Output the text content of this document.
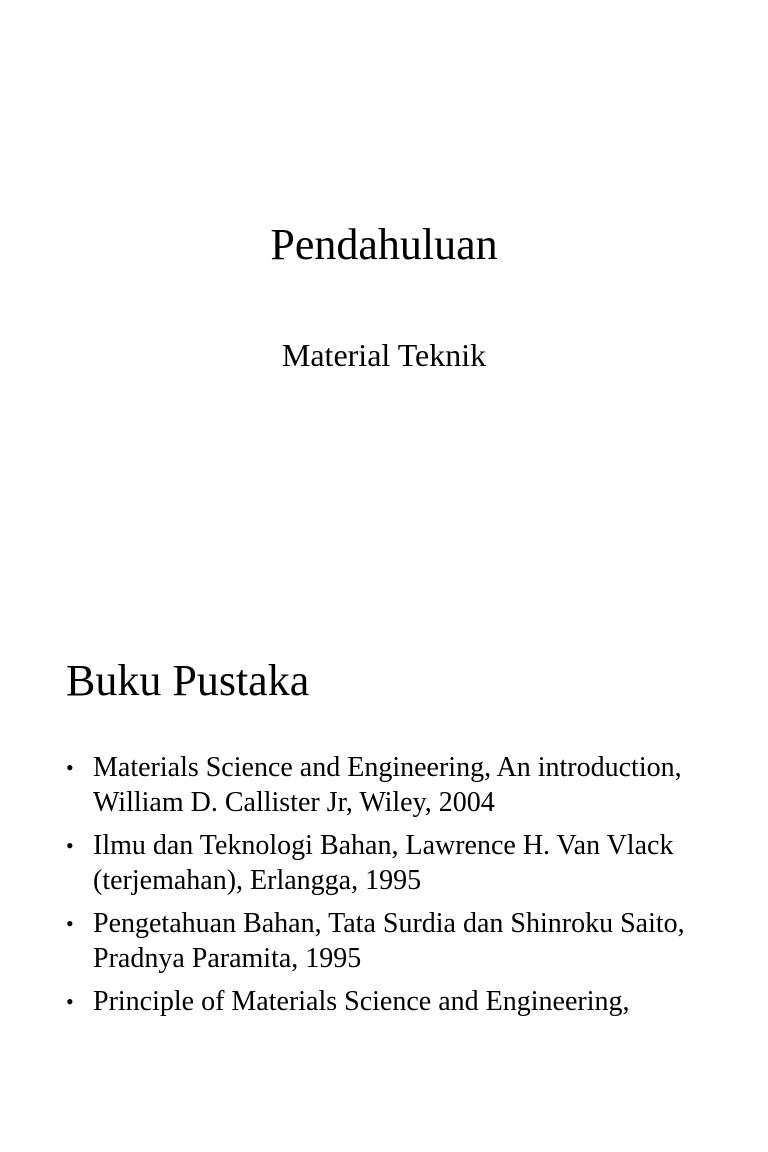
Pendahuluan
Material Teknik
Buku Pustaka
• Materials Science and Engineering, An introduction, William D. Callister Jr, Wiley, 2004
• Ilmu dan Teknologi Bahan, Lawrence H. Van Vlack (terjemahan), Erlangga, 1995
• Pengetahuan Bahan, Tata Surdia dan Shinroku Saito, Pradnya Paramita, 1995
• Principle of Materials Science and Engineering,
